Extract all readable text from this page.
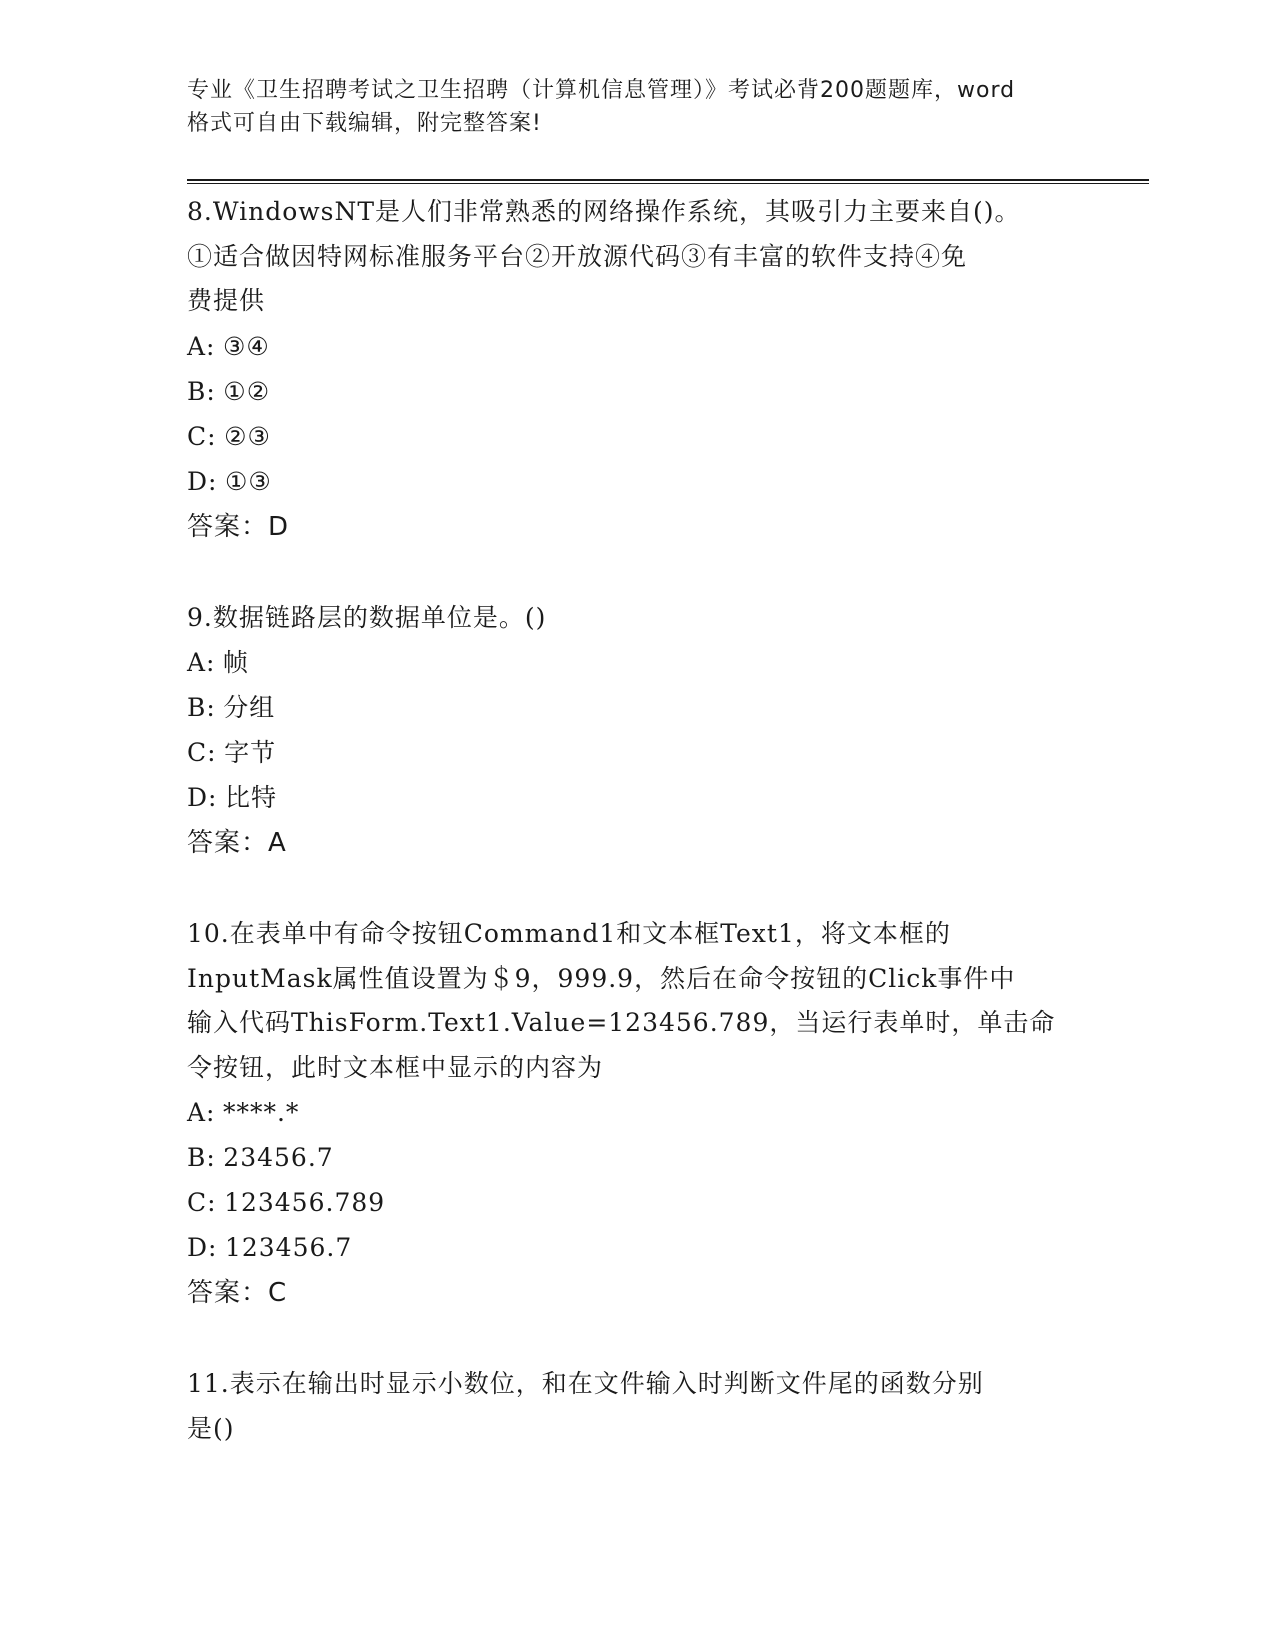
专业《卫生招聘考试之卫生招聘（计算机信息管理）》考试必背200题题库，word
格式可自由下载编辑，附完整答案!
8.WindowsNT是人们非常熟悉的网络操作系统，其吸引力主要来自()。
①适合做因特网标准服务平台②开放源代码③有丰富的软件支持④免
费提供
A: ③④
B: ①②
C: ②③
D: ①③
答案：D
9.数据链路层的数据单位是。()
A: 帧
B: 分组
C: 字节
D: 比特
答案：A
10.在表单中有命令按钮Command1和文本框Text1，将文本框的
InputMask属性值设置为＄9，999.9，然后在命令按钮的Click事件中
输入代码ThisForm.Text1.Value=123456.789，当运行表单时，单击命
令按钮，此时文本框中显示的内容为
A: ****.*
B: 23456.7
C: 123456.789
D: 123456.7
答案：C
11.表示在输出时显示小数位，和在文件输入时判断文件尾的函数分别
是()
